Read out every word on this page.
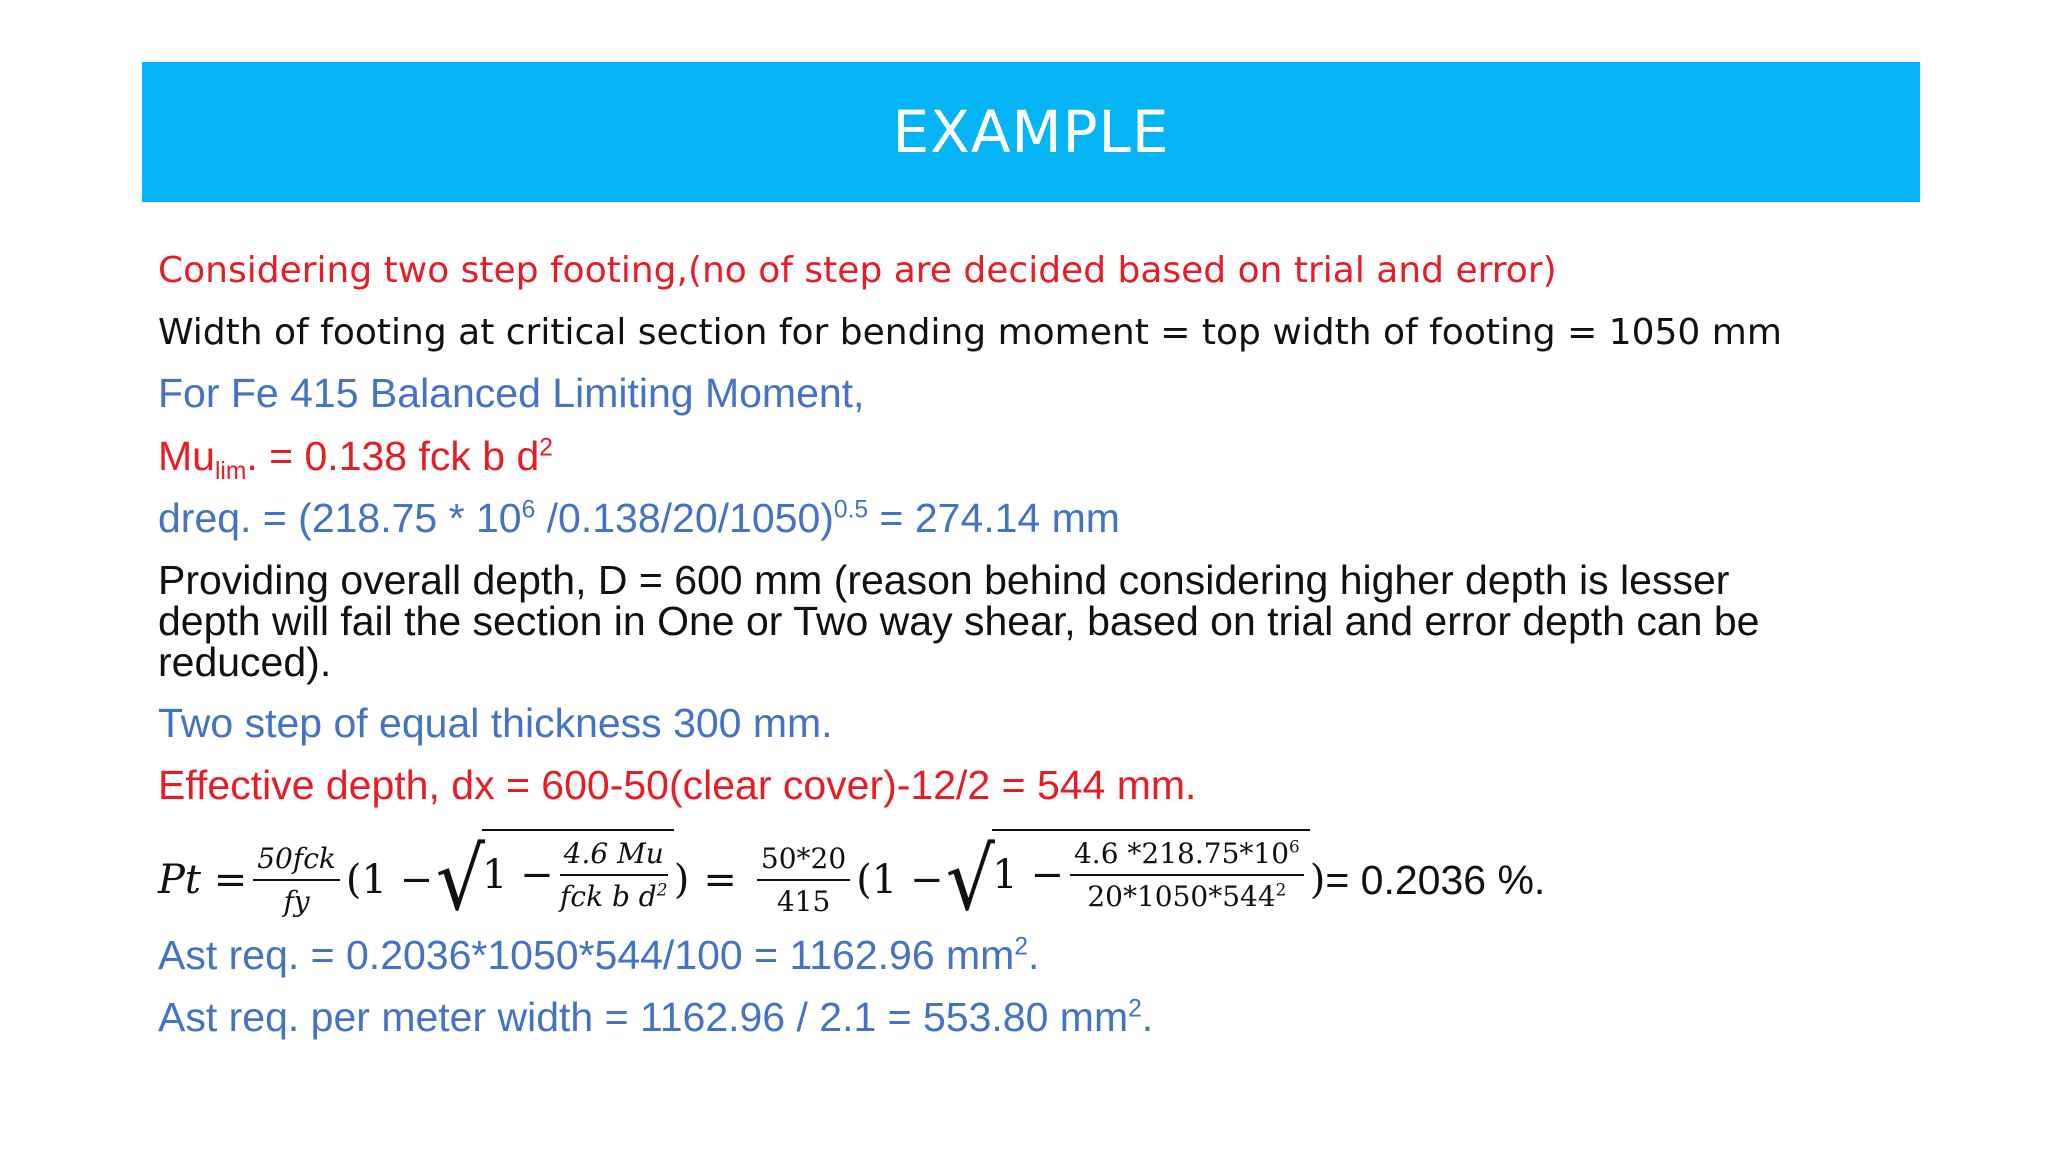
EXAMPLE
Considering two step footing,(no of step are decided based on trial and error)
Width of footing at critical section for bending moment = top width of footing = 1050 mm
For Fe 415 Balanced Limiting Moment,
$Mu_{lim}$. = 0.138 fck b $d^2$
dreq. = ($218.75 * 10^6$ /0.138/20/1050)$^{0.5}$ = 274.14 mm
Providing overall depth, D = 600 mm (reason behind considering higher depth is lesser depth will fail the section in One or Two way shear, based on trial and error depth can be reduced).
Two step of equal thickness 300 mm.
Effective depth, dx = 600-50(clear cover)-12/2 = 544 mm.
$Pt = \frac{\text{50fck}}{fy} (1$ − √
$1 - \frac{4.6 Mu}{fck b d^2}$ ) = $\frac{50*20}{415} (1$ − √
$1 - \frac{4.6 *218.75*10^6}{20*1050*544^2}$ ) = 0.2036 %.
Ast req. = 0.2036*1050*544/100 = 1162.96 $mm^2$.
Ast req. per meter width = 1162.96 / 2.1 = 553.80 $mm^2$.
